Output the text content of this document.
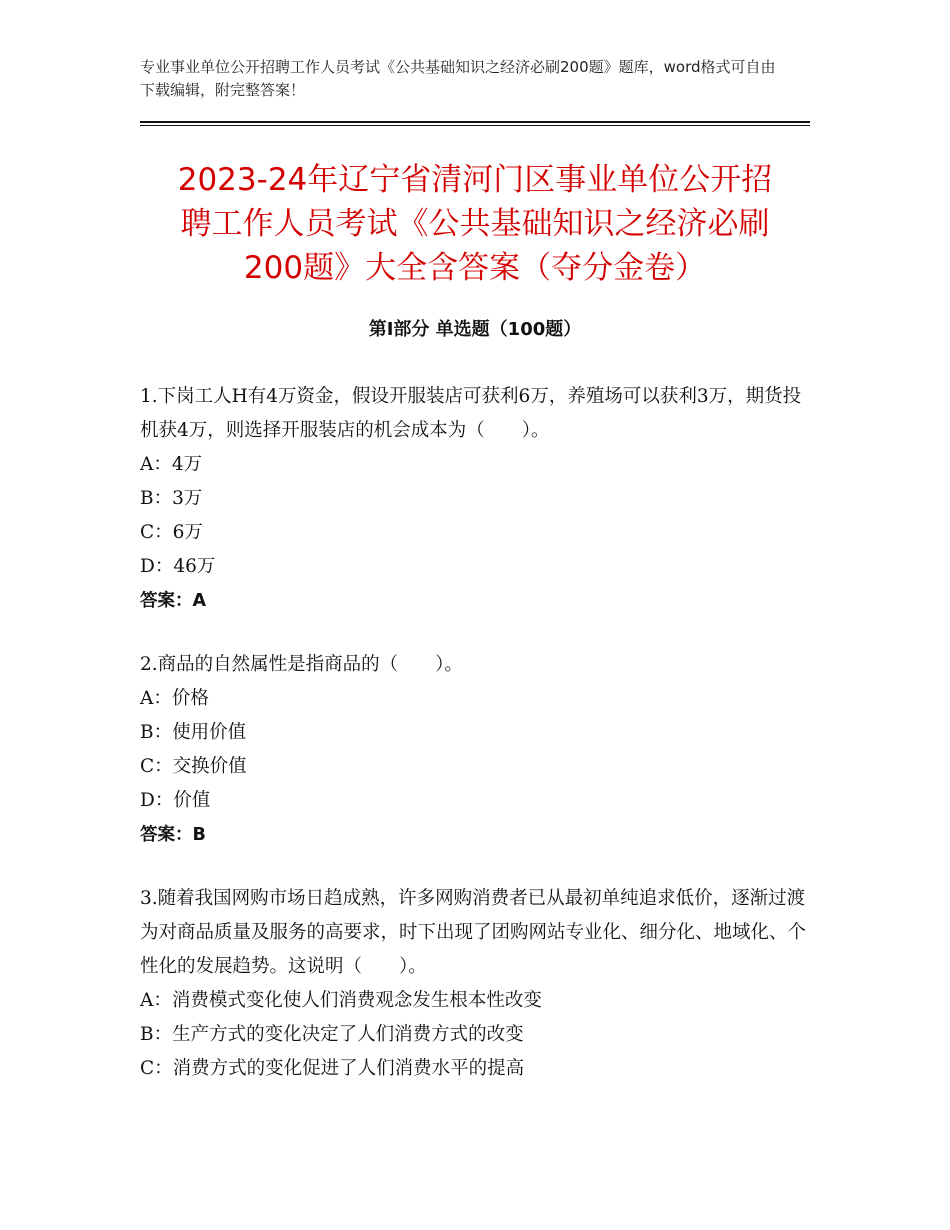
专业事业单位公开招聘工作人员考试《公共基础知识之经济必刷200题》题库，word格式可自由下载编辑，附完整答案！
2023-24年辽宁省清河门区事业单位公开招
聘工作人员考试《公共基础知识之经济必刷
200题》大全含答案（夺分金卷）
第Ⅰ部分 单选题（100题）
1.下岗工人H有4万资金，假设开服装店可获利6万，养殖场可以获利3万，期货投机获4万，则选择开服装店的机会成本为（　　）。
A：4万
B：3万
C：6万
D：46万
答案：A
2.商品的自然属性是指商品的（　　）。
A：价格
B：使用价值
C：交换价值
D：价值
答案：B
3.随着我国网购市场日趋成熟，许多网购消费者已从最初单纯追求低价，逐渐过渡为对商品质量及服务的高要求，时下出现了团购网站专业化、细分化、地域化、个性化的发展趋势。这说明（　　）。
A：消费模式变化使人们消费观念发生根本性改变
B：生产方式的变化决定了人们消费方式的改变
C：消费方式的变化促进了人们消费水平的提高
